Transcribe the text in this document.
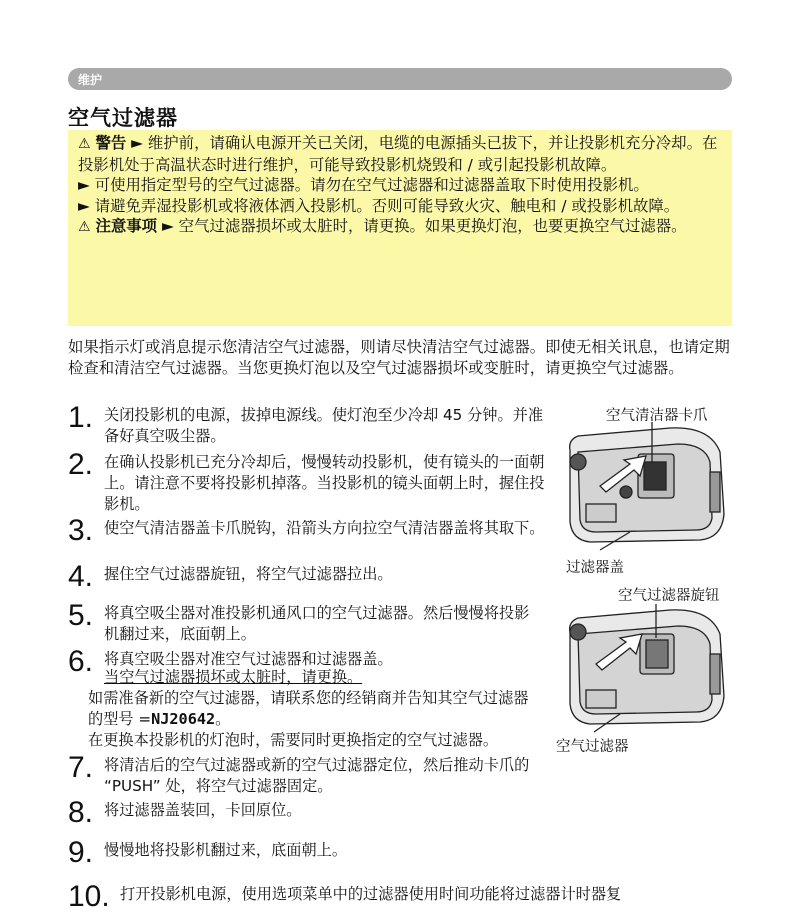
维护
空气过滤器

⚠ 警告 ► 维护前，请确认电源开关已关闭，电缆的电源插头已拔下，并让投影机充分冷却。在投影机处于高温状态时进行维护，可能导致投影机烧毁和 / 或引起投影机故障。

► 可使用指定型号的空气过滤器。请勿在空气过滤器和过滤器盖取下时使用投影机。

► 请避免弄湿投影机或将液体洒入投影机。否则可能导致火灾、触电和 / 或投影机故障。

⚠ 注意事项 ► 空气过滤器损坏或太脏时，请更换。如果更换灯泡，也要更换空气过滤器。

如果指示灯或消息提示您清洁空气过滤器，则请尽快清洁空气过滤器。即使无相关讯息，也请定期检查和清洁空气过滤器。当您更换灯泡以及空气过滤器损坏或变脏时，请更换空气过滤器。

1. 关闭投影机的电源，拔掉电源线。使灯泡至少冷却 45 分钟。并准备好真空吸尘器。
2. 在确认投影机已充分冷却后，慢慢转动投影机，使有镜头的一面朝上。请注意不要将投影机掉落。当投影机的镜头面朝上时，握住投影机。
3. 使空气清洁器盖卡爪脱钩，沿箭头方向拉空气清洁器盖将其取下。
4. 握住空气过滤器旋钮，将空气过滤器拉出。
5. 将真空吸尘器对准投影机通风口的空气过滤器。然后慢慢将投影机翻过来，底面朝上。
6. 将真空吸尘器对准空气过滤器和过滤器盖。

当空气过滤器损坏或太脏时，请更换。

如需准备新的空气过滤器，请联系您的经销商并告知其空气过滤器的型号 =NJ20642。

在更换本投影机的灯泡时，需要同时更换指定的空气过滤器。

7. 将清洁后的空气过滤器或新的空气过滤器定位，然后推动卡爪的 “PUSH” 处，将空气过滤器固定。
8. 将过滤器盖装回，卡回原位。
9. 慢慢地将投影机翻过来，底面朝上。
10. 打开投影机电源，使用选项菜单中的过滤器使用时间功能将过滤器计时器复
空气清洁器卡爪
过滤器盖
空气过滤器旋钮
空气过滤器
